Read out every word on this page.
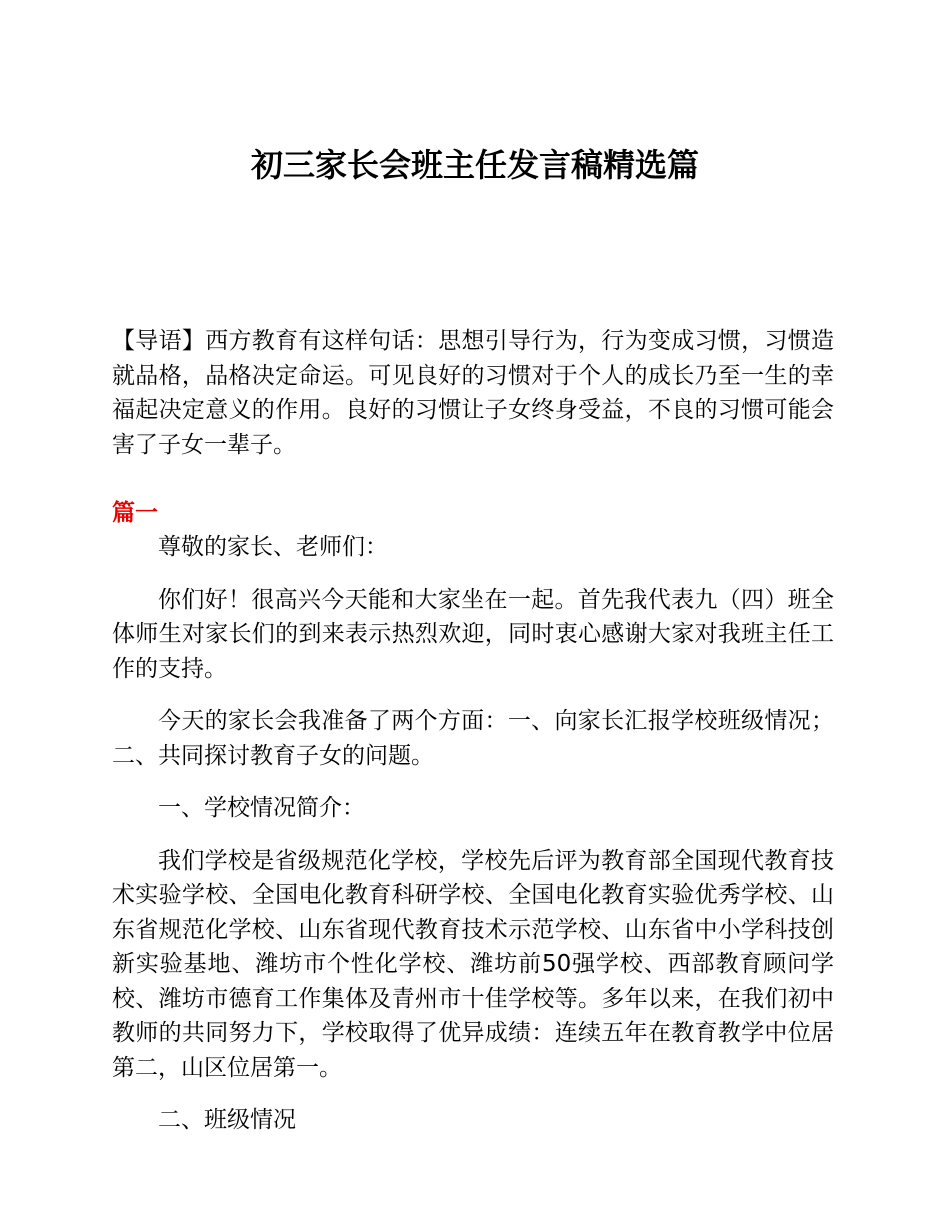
初三家长会班主任发言稿精选篇

【导语】西方教育有这样句话：思想引导行为，行为变成习惯，习惯造就品格，品格决定命运。可见良好的习惯对于个人的成长乃至一生的幸福起决定意义的作用。良好的习惯让子女终身受益，不良的习惯可能会害了子女一辈子。

篇一

尊敬的家长、老师们：

你们好！很高兴今天能和大家坐在一起。首先我代表九（四）班全体师生对家长们的到来表示热烈欢迎，同时衷心感谢大家对我班主任工作的支持。

今天的家长会我准备了两个方面：一、向家长汇报学校班级情况；二、共同探讨教育子女的问题。

一、学校情况简介：

我们学校是省级规范化学校，学校先后评为教育部全国现代教育技术实验学校、全国电化教育科研学校、全国电化教育实验优秀学校、山东省规范化学校、山东省现代教育技术示范学校、山东省中小学科技创新实验基地、潍坊市个性化学校、潍坊前50强学校、西部教育顾问学校、潍坊市德育工作集体及青州市十佳学校等。多年以来，在我们初中教师的共同努力下，学校取得了优异成绩：连续五年在教育教学中位居第二，山区位居第一。

二、班级情况
